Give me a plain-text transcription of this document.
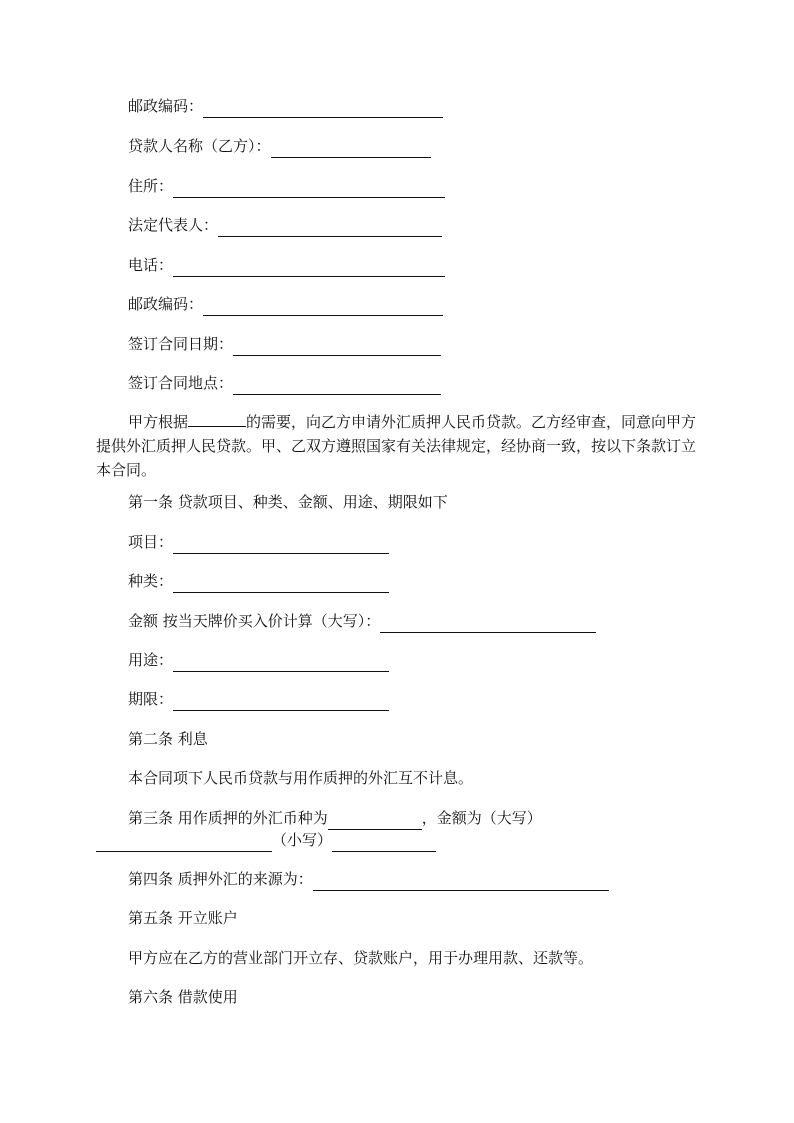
邮政编码：
贷款人名称（乙方）：
住所：
法定代表人：
电话：
邮政编码：
签订合同日期：
签订合同地点：
甲方根据	的需要，向乙方申请外汇质押人民币贷款。乙方经审查，同意向甲方提供外汇质押人民贷款。甲、乙双方遵照国家有关法律规定，经协商一致，按以下条款订立本合同。
第一条 贷款项目、种类、金额、用途、期限如下
项目：
种类：
金额 按当天牌价买入价计算（大写）：
用途：
期限：
第二条 利息
本合同项下人民币贷款与用作质押的外汇互不计息。
第三条 用作质押的外汇币种为	，金额为（大写）
（小写）
第四条 质押外汇的来源为：
第五条 开立账户
甲方应在乙方的营业部门开立存、贷款账户，用于办理用款、还款等。
第六条 借款使用
